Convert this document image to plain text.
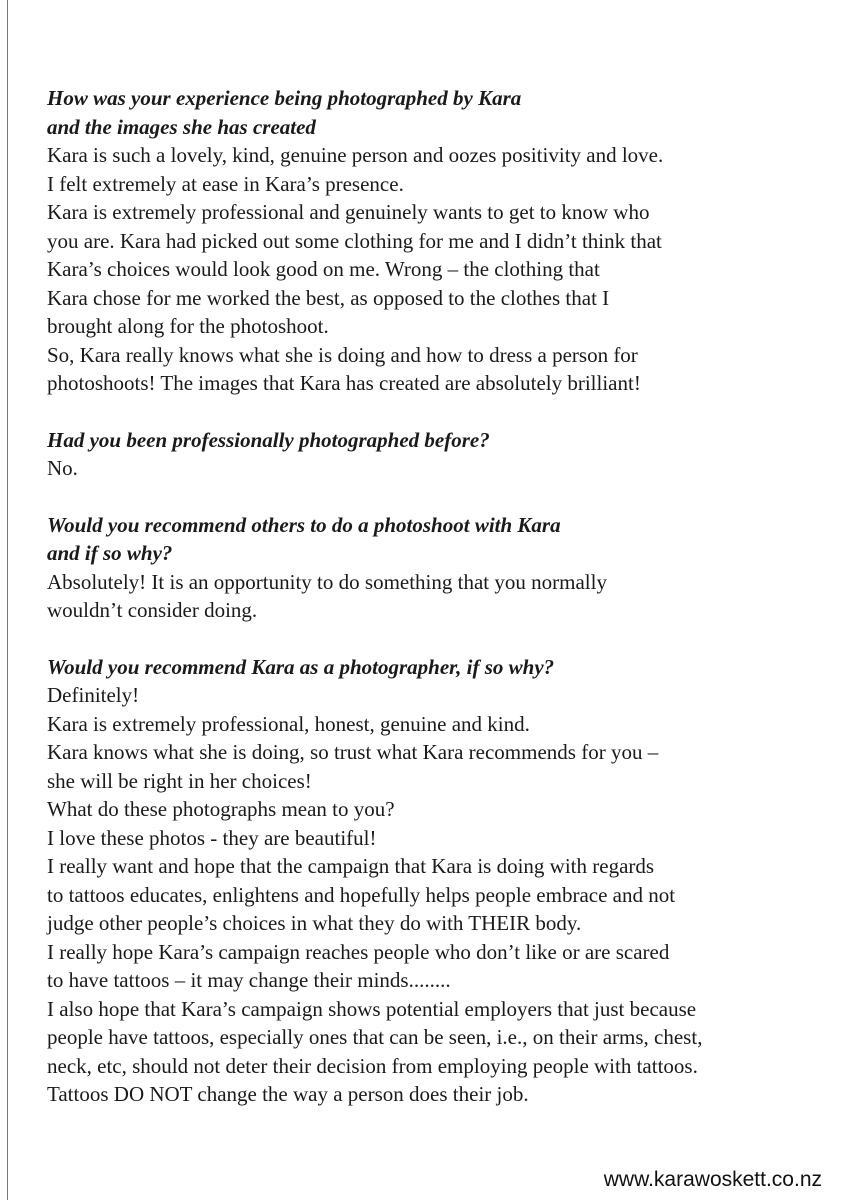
How was your experience being photographed by Kara
and the images she has created
Kara is such a lovely, kind, genuine person and oozes positivity and love.
I felt extremely at ease in Kara’s presence.
Kara is extremely professional and genuinely wants to get to know who
you are. Kara had picked out some clothing for me and I didn’t think that
Kara’s choices would look good on me. Wrong – the clothing that
Kara chose for me worked the best, as opposed to the clothes that I
brought along for the photoshoot.
So, Kara really knows what she is doing and how to dress a person for
photoshoots! The images that Kara has created are absolutely brilliant!
Had you been professionally photographed before?
No.
Would you recommend others to do a photoshoot with Kara
and if so why?
Absolutely! It is an opportunity to do something that you normally
wouldn’t consider doing.
Would you recommend Kara as a photographer, if so why?
Definitely!
Kara is extremely professional, honest, genuine and kind.
Kara knows what she is doing, so trust what Kara recommends for you –
she will be right in her choices!
What do these photographs mean to you?
I love these photos - they are beautiful!
I really want and hope that the campaign that Kara is doing with regards
to tattoos educates, enlightens and hopefully helps people embrace and not
judge other people’s choices in what they do with THEIR body.
I really hope Kara’s campaign reaches people who don’t like or are scared
to have tattoos – it may change their minds........
I also hope that Kara’s campaign shows potential employers that just because
people have tattoos, especially ones that can be seen, i.e., on their arms, chest,
neck, etc, should not deter their decision from employing people with tattoos.
Tattoos DO NOT change the way a person does their job.
www.karawoskett.co.nz
